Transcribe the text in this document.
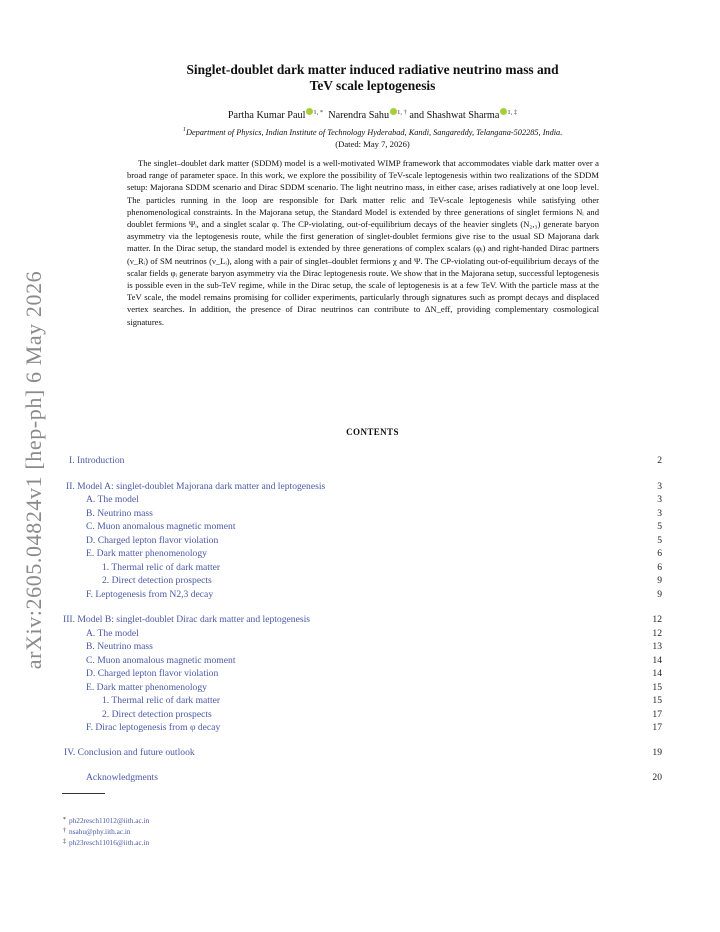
arXiv:2605.04824v1 [hep-ph] 6 May 2026
Singlet-doublet dark matter induced radiative neutrino mass and
TeV scale leptogenesis
Partha Kumar Paul $^{1, *}$ Narendra Sahu $^{1, \dagger}$ and Shashwat Sharma $^{1, \ddagger}$
$^1$Department of Physics, Indian Institute of Technology Hyderabad, Kandi, Sangareddy, Telangana-502285, India.
(Dated: May 7, 2026)

The singlet–doublet dark matter (SDDM) model is a well-motivated WIMP framework that accommodates viable dark matter over a broad range of parameter space. In this work, we explore the possibility of TeV-scale leptogenesis within two realizations of the SDDM setup: Majorana SDDM scenario and Dirac SDDM scenario. The light neutrino mass, in either case, arises radiatively at one loop level. The particles running in the loop are responsible for Dark matter relic and TeV-scale leptogenesis while satisfying other phenomenological constraints. In the Majorana setup, the Standard Model is extended by three generations of singlet fermions Nᵢ and doublet fermions Ψᵢ, and a singlet scalar φ. The CP-violating, out-of-equilibrium decays of the heavier singlets (N₂,₃) generate baryon asymmetry via the leptogenesis route, while the first generation of singlet-doublet fermions give rise to the usual SD Majorana dark matter. In the Dirac setup, the standard model is extended by three generations of complex scalars (φᵢ) and right-handed Dirac partners (ν_Rᵢ) of SM neutrinos (ν_Lᵢ), along with a pair of singlet–doublet fermions χ and Ψ. The CP-violating out-of-equilibrium decays of the scalar fields φᵢ generate baryon asymmetry via the Dirac leptogenesis route. We show that in the Majorana setup, successful leptogenesis is possible even in the sub-TeV regime, while in the Dirac setup, the scale of leptogenesis is at a few TeV. With the particle mass at the TeV scale, the model remains promising for collider experiments, particularly through signatures such as prompt decays and displaced vertex searches. In addition, the presence of Dirac neutrinos can contribute to ΔN_eff, providing complementary cosmological signatures.

CONTENTS
I. Introduction	2
II. Model A: singlet-doublet Majorana dark matter and leptogenesis	3
A. The model	3
B. Neutrino mass	3
C. Muon anomalous magnetic moment	5
D. Charged lepton flavor violation	5
E. Dark matter phenomenology	6
1. Thermal relic of dark matter	6
2. Direct detection prospects	9
F. Leptogenesis from N2,3 decay	9
III. Model B: singlet-doublet Dirac dark matter and leptogenesis	12
A. The model	12
B. Neutrino mass	13
C. Muon anomalous magnetic moment	14
D. Charged lepton flavor violation	14
E. Dark matter phenomenology	15
1. Thermal relic of dark matter	15
2. Direct detection prospects	17
F. Dirac leptogenesis from φ decay	17
IV. Conclusion and future outlook	19
Acknowledgments	20
* ph22resch11012@iith.ac.in
† nsahu@phy.iith.ac.in
‡ ph23resch11016@iith.ac.in
